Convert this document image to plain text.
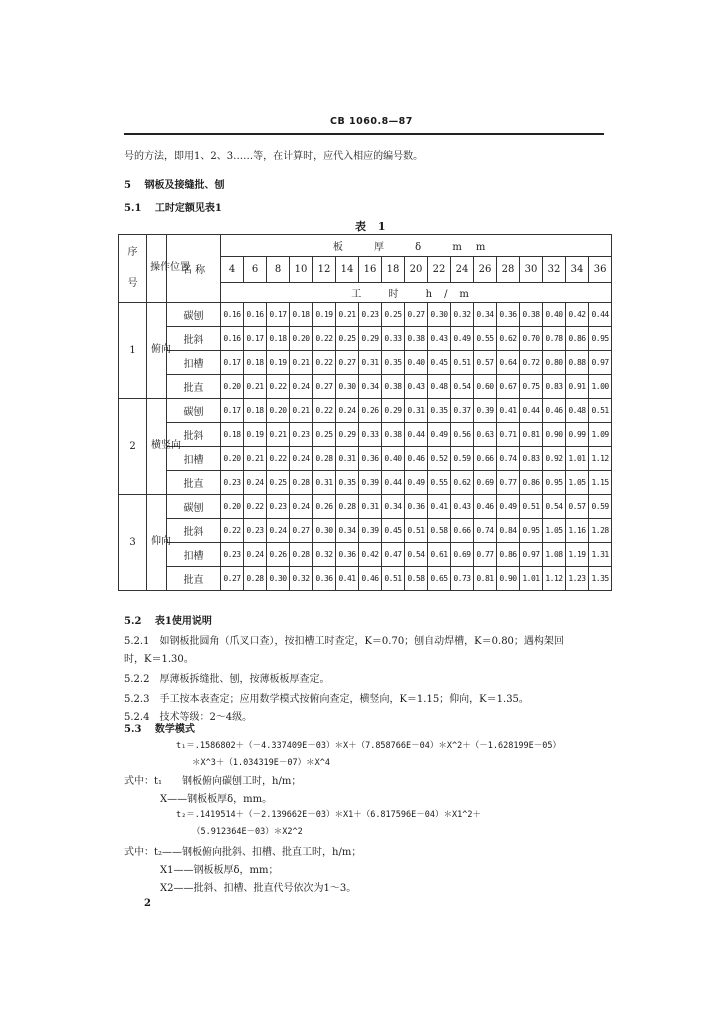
CB 1060.8—87
号的方法，即用1、2、3……等，在计算时，应代入相应的编号数。
5 钢板及接缝批、刨
5.1 工时定额见表1
表 1
序
号	操作位置	名 称	板 厚 δ mm																
			4	6	8	10	12	14	16	18	20	22	24	26	28	30	32	34	36
			工 时 h/m																
1	俯向	碳刨	0.16	0.16	0.17	0.18	0.19	0.21	0.23	0.25	0.27	0.30	0.32	0.34	0.36	0.38	0.40	0.42	0.44
		批斜	0.16	0.17	0.18	0.20	0.22	0.25	0.29	0.33	0.38	0.43	0.49	0.55	0.62	0.70	0.78	0.86	0.95
		扣槽	0.17	0.18	0.19	0.21	0.22	0.27	0.31	0.35	0.40	0.45	0.51	0.57	0.64	0.72	0.80	0.88	0.97
		批直	0.20	0.21	0.22	0.24	0.27	0.30	0.34	0.38	0.43	0.48	0.54	0.60	0.67	0.75	0.83	0.91	1.00
2	横竖向	碳刨	0.17	0.18	0.20	0.21	0.22	0.24	0.26	0.29	0.31	0.35	0.37	0.39	0.41	0.44	0.46	0.48	0.51
		批斜	0.18	0.19	0.21	0.23	0.25	0.29	0.33	0.38	0.44	0.49	0.56	0.63	0.71	0.81	0.90	0.99	1.09
		扣槽	0.20	0.21	0.22	0.24	0.28	0.31	0.36	0.40	0.46	0.52	0.59	0.66	0.74	0.83	0.92	1.01	1.12
		批直	0.23	0.24	0.25	0.28	0.31	0.35	0.39	0.44	0.49	0.55	0.62	0.69	0.77	0.86	0.95	1.05	1.15
3	仰向	碳刨	0.20	0.22	0.23	0.24	0.26	0.28	0.31	0.34	0.36	0.41	0.43	0.46	0.49	0.51	0.54	0.57	0.59
		批斜	0.22	0.23	0.24	0.27	0.30	0.34	0.39	0.45	0.51	0.58	0.66	0.74	0.84	0.95	1.05	1.16	1.28
		扣槽	0.23	0.24	0.26	0.28	0.32	0.36	0.42	0.47	0.54	0.61	0.69	0.77	0.86	0.97	1.08	1.19	1.31
		批直	0.27	0.28	0.30	0.32	0.36	0.41	0.46	0.51	0.58	0.65	0.73	0.81	0.90	1.01	1.12	1.23	1.35
5.2 表1使用说明
5.2.1　如钢板批圆角（爪叉口查），按扣槽工时查定，K＝0.70；刨自动焊槽，K＝0.80；遇构架回
时，K＝1.30。
5.2.2　厚薄板拆缝批、刨，按薄板板厚查定。
5.2.3　手工按本表查定；应用数学模式按俯向查定，横竖向，K＝1.15；仰向，K＝1.35。
5.2.4　技术等级：2～4级。
5.3 数学模式
t₁＝.1586802＋（－4.337409E－03）＊X＋（7.858766E－04）＊X^2＋（－1.628199E－05）
＊X^3＋（1.034319E－07）＊X^4
式中：t₁　　钢板俯向碳刨工时，h/m；
X——钢板板厚δ，mm。
t₂＝.1419514＋（－2.139662E－03）＊X1＋（6.817596E－04）＊X1^2＋
（5.912364E－03）＊X2^2
式中：t₂——钢板俯向批斜、扣槽、批直工时，h/m；
X1——钢板板厚δ，mm；
X2——批斜、扣槽、批直代号依次为1～3。
2
